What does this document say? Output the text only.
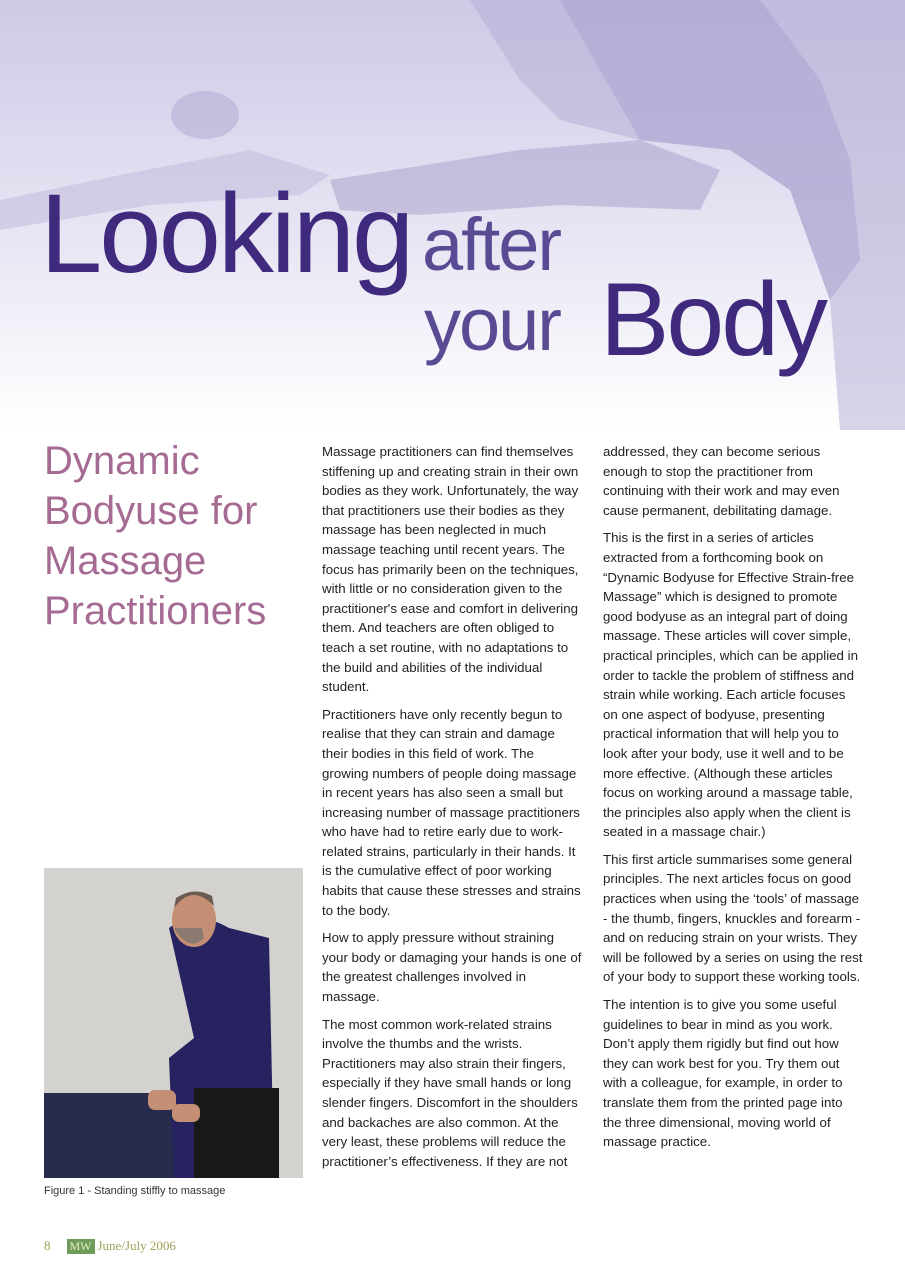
Looking after
your Body
Dynamic Bodyuse for Massage Practitioners

Figure 1 - Standing stiffly to massage

Massage practitioners can find themselves stiffening up and creating strain in their own bodies as they work. Unfortunately, the way that practitioners use their bodies as they massage has been neglected in much massage teaching until recent years. The focus has primarily been on the techniques, with little or no consideration given to the practitioner's ease and comfort in delivering them. And teachers are often obliged to teach a set routine, with no adaptations to the build and abilities of the individual student.

Practitioners have only recently begun to realise that they can strain and damage their bodies in this field of work. The growing numbers of people doing massage in recent years has also seen a small but increasing number of massage practitioners who have had to retire early due to work-related strains, particularly in their hands. It is the cumulative effect of poor working habits that cause these stresses and strains to the body.

How to apply pressure without straining your body or damaging your hands is one of the greatest challenges involved in massage.

The most common work-related strains involve the thumbs and the wrists. Practitioners may also strain their fingers, especially if they have small hands or long slender fingers. Discomfort in the shoulders and backaches are also common. At the very least, these problems will reduce the practitioner’s effectiveness. If they are not

addressed, they can become serious enough to stop the practitioner from continuing with their work and may even cause permanent, debilitating damage.

This is the first in a series of articles extracted from a forthcoming book on “Dynamic Bodyuse for Effective Strain-free Massage” which is designed to promote good bodyuse as an integral part of doing massage. These articles will cover simple, practical principles, which can be applied in order to tackle the problem of stiffness and strain while working. Each article focuses on one aspect of bodyuse, presenting practical information that will help you to look after your body, use it well and to be more effective. (Although these articles focus on working around a massage table, the principles also apply when the client is seated in a massage chair.)

This first article summarises some general principles. The next articles focus on good practices when using the ‘tools’ of massage - the thumb, fingers, knuckles and forearm - and on reducing strain on your wrists. They will be followed by a series on using the rest of your body to support these working tools.

The intention is to give you some useful guidelines to bear in mind as you work. Don’t apply them rigidly but find out how they can work best for you. Try them out with a colleague, for example, in order to translate them from the printed page into the three dimensional, moving world of massage practice.

8 MW June/July 2006
